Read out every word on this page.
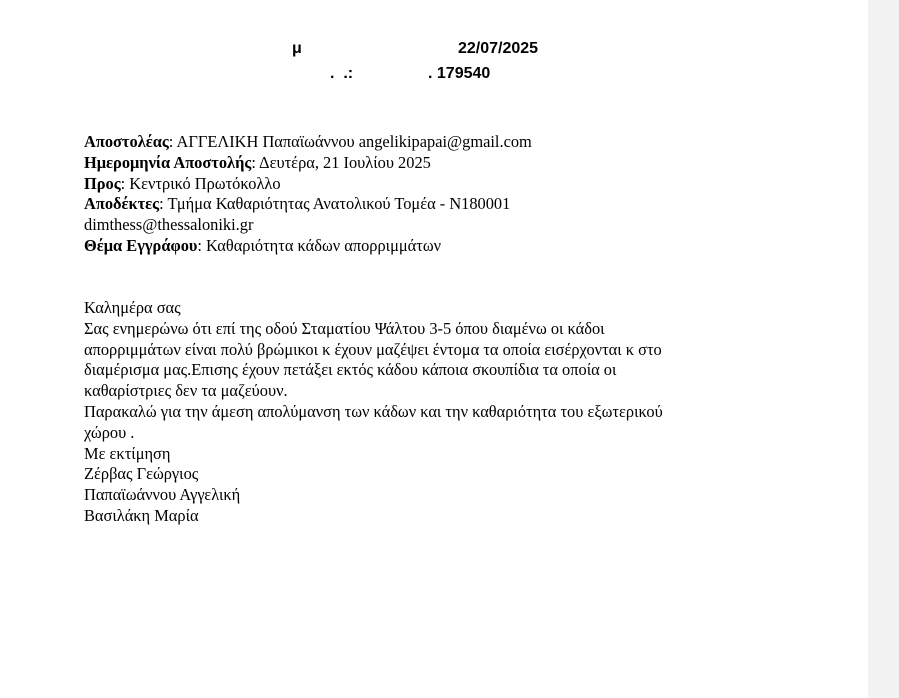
μ	22/07/2025
.  .:	. 179540
Αποστολέας: ΑΓΓΕΛΙΚΗ Παπαϊωάννου angelikipapai@gmail.com
Ημερομηνία Αποστολής: Δευτέρα, 21 Ιουλίου 2025
Προς: Κεντρικό Πρωτόκολλο
Αποδέκτες: Τμήμα Καθαριότητας Ανατολικού Τομέα - Ν180001
dimthess@thessaloniki.gr
Θέμα Εγγράφου: Καθαριότητα κάδων απορριμμάτων
Καλημέρα σας
Σας ενημερώνω ότι επί της οδού Σταματίου Ψάλτου 3-5 όπου διαμένω οι κάδοι
απορριμμάτων είναι πολύ βρώμικοι κ έχουν μαζέψει έντομα τα οποία εισέρχονται κ στο
διαμέρισμα μας.Επισης έχουν πετάξει εκτός κάδου κάποια σκουπίδια τα οποία οι
καθαρίστριες δεν τα μαζεύουν.
Παρακαλώ για την άμεση απολύμανση των κάδων και την καθαριότητα του εξωτερικού
χώρου .
Με εκτίμηση
Ζέρβας Γεώργιος
Παπαϊωάννου Αγγελική
Βασιλάκη Μαρία
